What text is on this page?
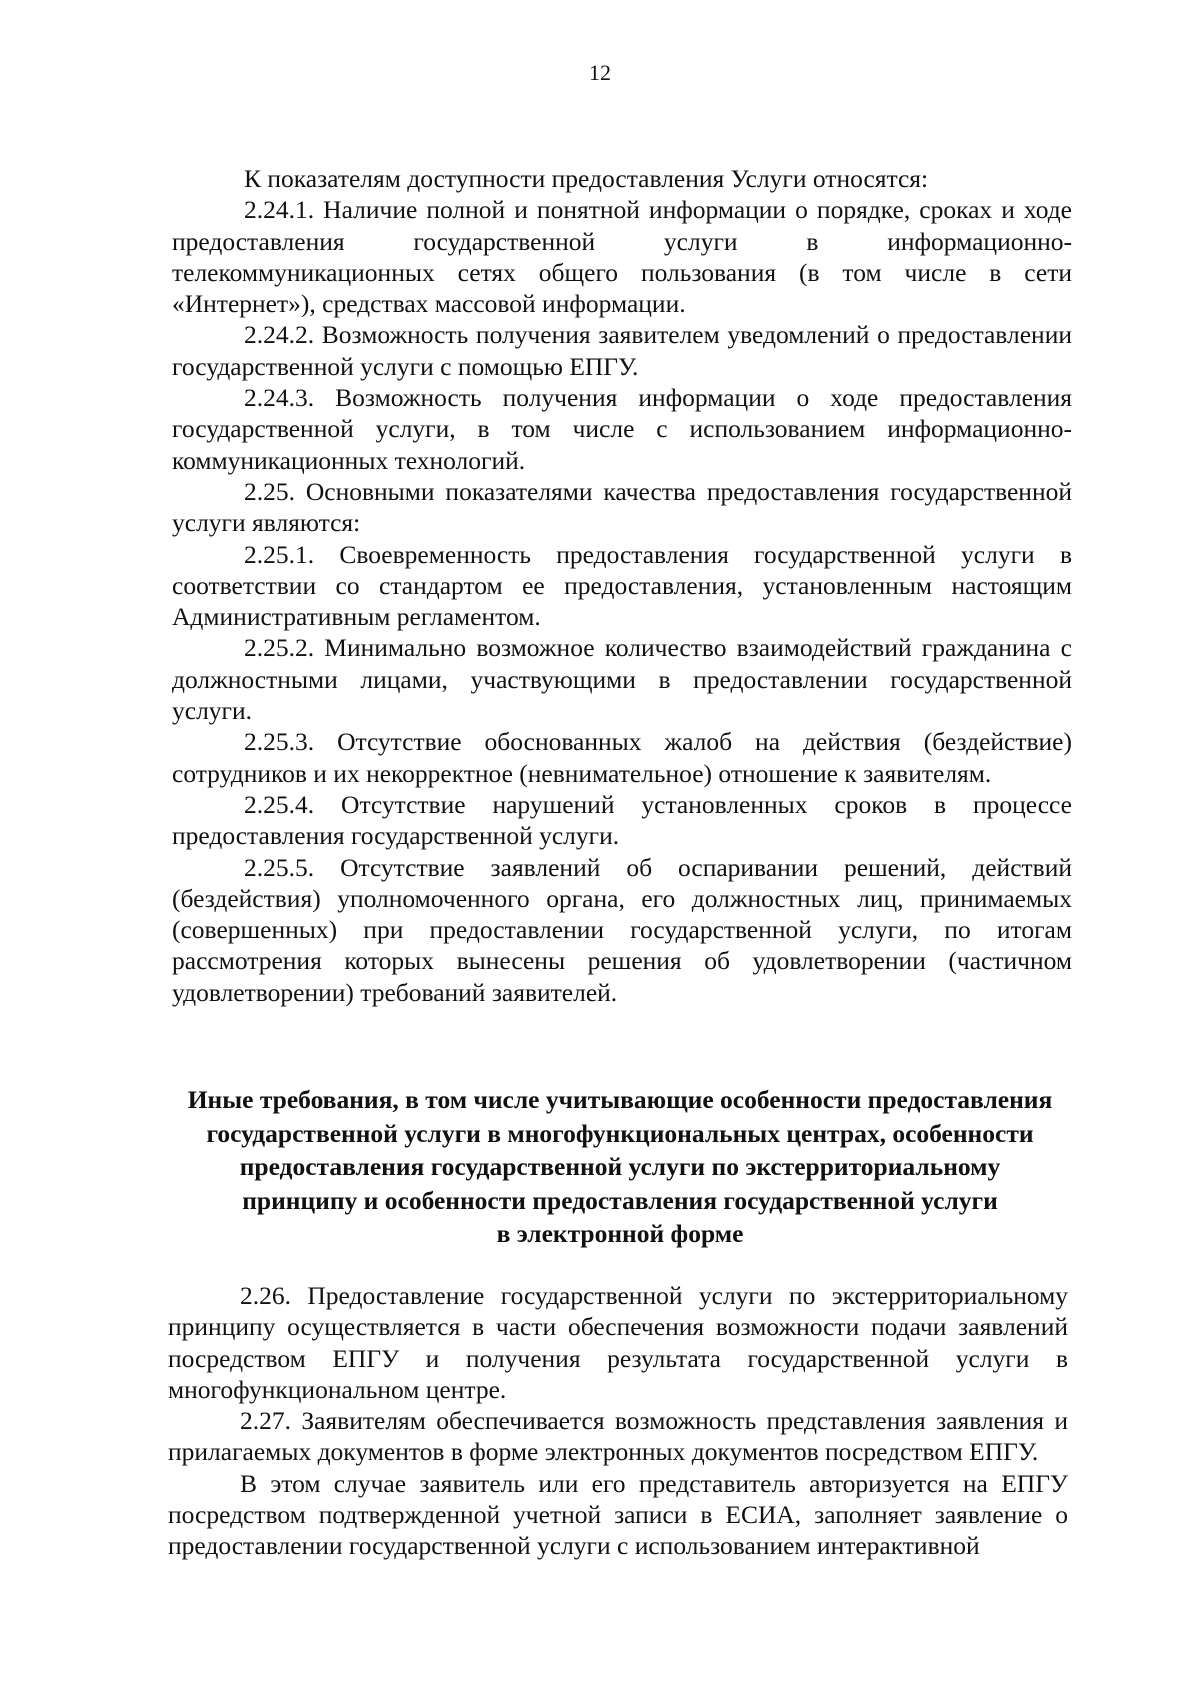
12

К показателям доступности предоставления Услуги относятся:

2.24.1. Наличие полной и понятной информации о порядке, сроках и ходе предоставления государственной услуги в информационно-телекоммуникационных сетях общего пользования (в том числе в сети «Интернет»), средствах массовой информации.

2.24.2. Возможность получения заявителем уведомлений о предоставлении государственной услуги с помощью ЕПГУ.

2.24.3. Возможность получения информации о ходе предоставления государственной услуги, в том числе с использованием информационно-коммуникационных технологий.

2.25. Основными показателями качества предоставления государственной услуги являются:

2.25.1. Своевременность предоставления государственной услуги в соответствии со стандартом ее предоставления, установленным настоящим Административным регламентом.

2.25.2. Минимально возможное количество взаимодействий гражданина с должностными лицами, участвующими в предоставлении государственной услуги.

2.25.3. Отсутствие обоснованных жалоб на действия (бездействие) сотрудников и их некорректное (невнимательное) отношение к заявителям.

2.25.4. Отсутствие нарушений установленных сроков в процессе предоставления государственной услуги.

2.25.5. Отсутствие заявлений об оспаривании решений, действий (бездействия) уполномоченного органа, его должностных лиц, принимаемых (совершенных) при предоставлении государственной услуги, по итогам рассмотрения которых вынесены решения об удовлетворении (частичном удовлетворении) требований заявителей.

Иные требования, в том числе учитывающие особенности предоставления
государственной услуги в многофункциональных центрах, особенности
предоставления государственной услуги по экстерриториальному
принципу и особенности предоставления государственной услуги
в электронной форме

2.26. Предоставление государственной услуги по экстерриториальному принципу осуществляется в части обеспечения возможности подачи заявлений посредством ЕПГУ и получения результата государственной услуги в многофункциональном центре.

2.27. Заявителям обеспечивается возможность представления заявления и прилагаемых документов в форме электронных документов посредством ЕПГУ.

В этом случае заявитель или его представитель авторизуется на ЕПГУ посредством подтвержденной учетной записи в ЕСИА, заполняет заявление о предоставлении государственной услуги с использованием интерактивной
